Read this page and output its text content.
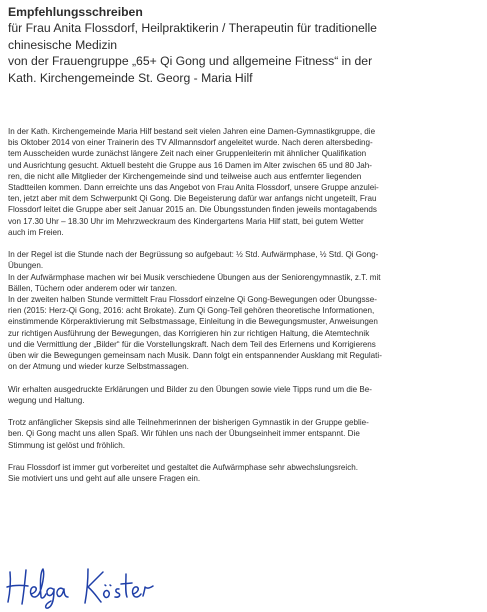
Empfehlungsschreiben
für Frau Anita Flossdorf, Heilpraktikerin / Therapeutin für traditionelle
chinesische Medizin
von der Frauengruppe „65+ Qi Gong und allgemeine Fitness“ in der
Kath. Kirchengemeinde St. Georg - Maria Hilf

In der Kath. Kirchengemeinde Maria Hilf bestand seit vielen Jahren eine Damen-Gymnastikgruppe, die
bis Oktober 2014 von einer Trainerin des TV Allmannsdorf angeleitet wurde. Nach deren altersbeding-
tem Ausscheiden wurde zunächst längere Zeit nach einer Gruppenleiterin mit ähnlicher Qualifikation
und Ausrichtung gesucht. Aktuell besteht die Gruppe aus 16 Damen im Alter zwischen 65 und 80 Jah-
ren, die nicht alle Mitglieder der Kirchengemeinde sind und teilweise auch aus entfernter liegenden
Stadtteilen kommen. Dann erreichte uns das Angebot von Frau Anita Flossdorf, unsere Gruppe anzulei-
ten, jetzt aber mit dem Schwerpunkt Qi Gong. Die Begeisterung dafür war anfangs nicht ungeteilt, Frau
Flossdorf leitet die Gruppe aber seit Januar 2015 an. Die Übungsstunden finden jeweils montagabends
von 17.30 Uhr – 18.30 Uhr im Mehrzweckraum des Kindergartens Maria Hilf statt, bei gutem Wetter
auch im Freien.

In der Regel ist die Stunde nach der Begrüssung so aufgebaut: ½ Std. Aufwärmphase, ½ Std. Qi Gong-
Übungen.
In der Aufwärmphase machen wir bei Musik verschiedene Übungen aus der Seniorengymnastik, z.T. mit
Bällen, Tüchern oder anderem oder wir tanzen.
In der zweiten halben Stunde vermittelt Frau Flossdorf einzelne Qi Gong-Bewegungen oder Übungsse-
rien (2015: Herz-Qi Gong, 2016: acht Brokate). Zum Qi Gong-Teil gehören theoretische Informationen,
einstimmende Körperaktivierung mit Selbstmassage, Einleitung in die Bewegungsmuster, Anweisungen
zur richtigen Ausführung der Bewegungen, das Korrigieren hin zur richtigen Haltung, die Atemtechnik
und die Vermittlung der „Bilder“ für die Vorstellungskraft. Nach dem Teil des Erlernens und Korrigierens
üben wir die Bewegungen gemeinsam nach Musik. Dann folgt ein entspannender Ausklang mit Regulati-
on der Atmung und wieder kurze Selbstmassagen.

Wir erhalten ausgedruckte Erklärungen und Bilder zu den Übungen sowie viele Tipps rund um die Be-
wegung und Haltung.

Trotz anfänglicher Skepsis sind alle Teilnehmerinnen der bisherigen Gymnastik in der Gruppe geblie-
ben. Qi Gong macht uns allen Spaß. Wir fühlen uns nach der Übungseinheit immer entspannt. Die
Stimmung ist gelöst und fröhlich.

Frau Flossdorf ist immer gut vorbereitet und gestaltet die Aufwärmphase sehr abwechslungsreich.
Sie motiviert uns und geht auf alle unsere Fragen ein.
